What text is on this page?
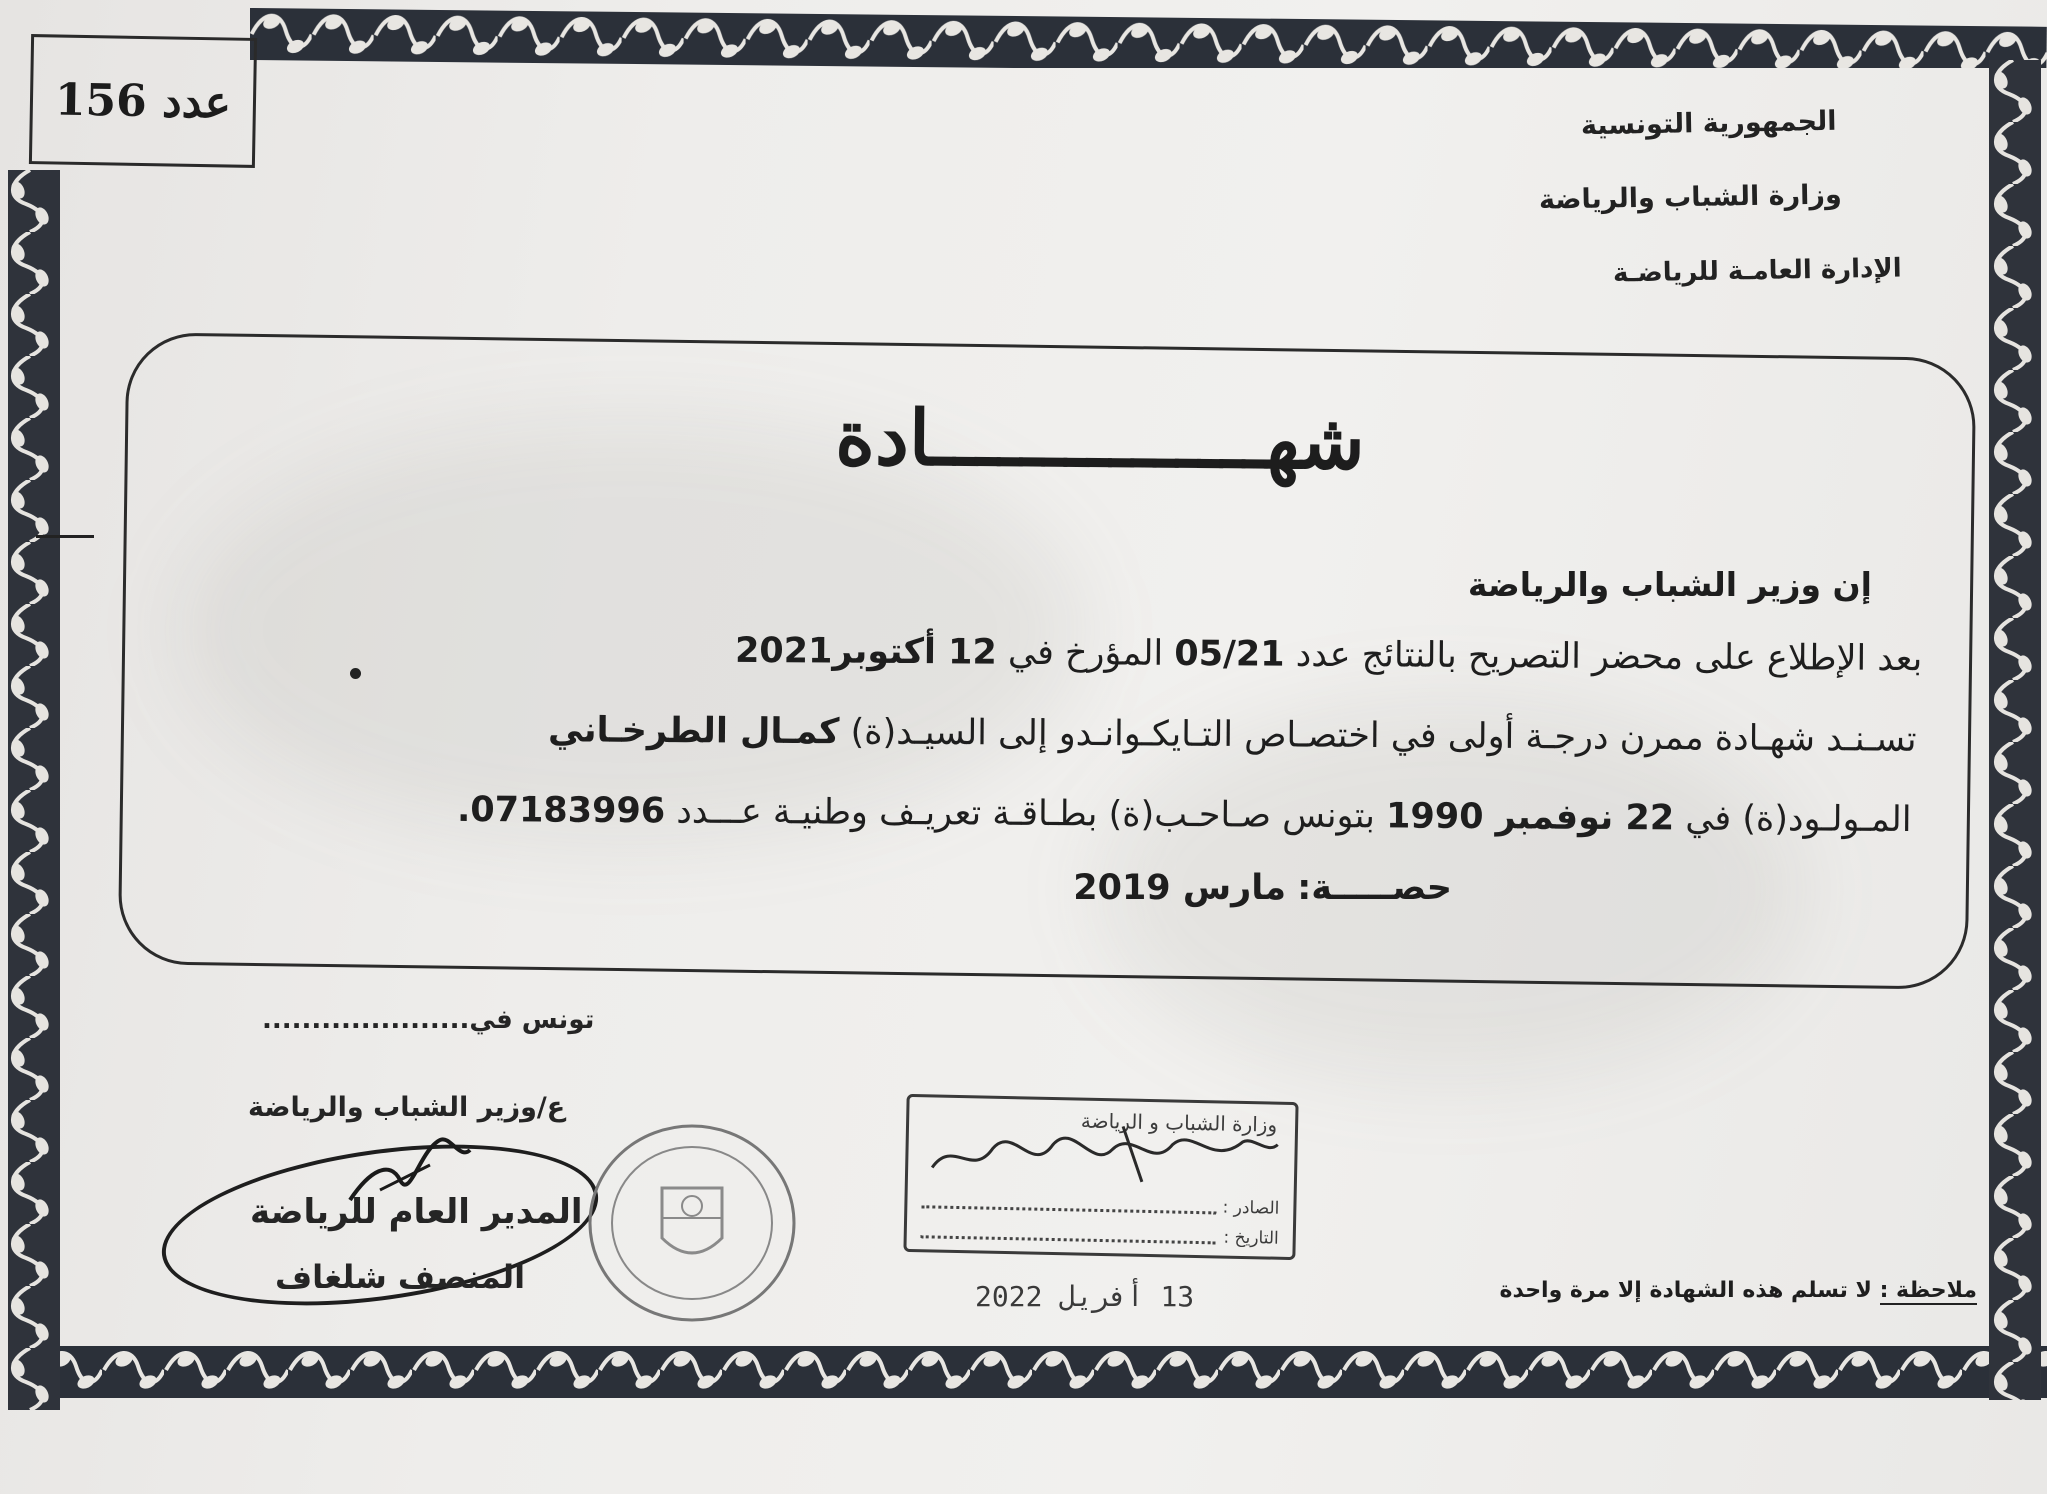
عدد 156	الجمهورية التونسية
وزارة الشباب والرياضة
الإدارة العامـة للرياضـة
شهـــــــــــــــادة
إن وزير الشباب والرياضة
بعد الإطلاع على محضر التصريح بالنتائج عدد 05/21 المؤرخ في 12 أكتوبر2021
تسـنـد شهـادة ممرن درجـة أولى في اختصـاص التـايكـوانـدو إلى السيـد(ة) كمـال الطرخـاني
المـولـود(ة) في 22 نوفمبر 1990 بتونس صـاحـب(ة) بطـاقـة تعريـف وطنيـة عـــدد 07183996.
حصـــــة: مارس 2019
تونس في.....................
ع/وزير الشباب والرياضة
المدير العام للرياضة
المنصف شلغاف
وزارة الشباب و الرياضة
الصادر :
التاريخ :
13 أفريل 2022	ملاحظة : لا تسلم هذه الشهادة إلا مرة واحدة
